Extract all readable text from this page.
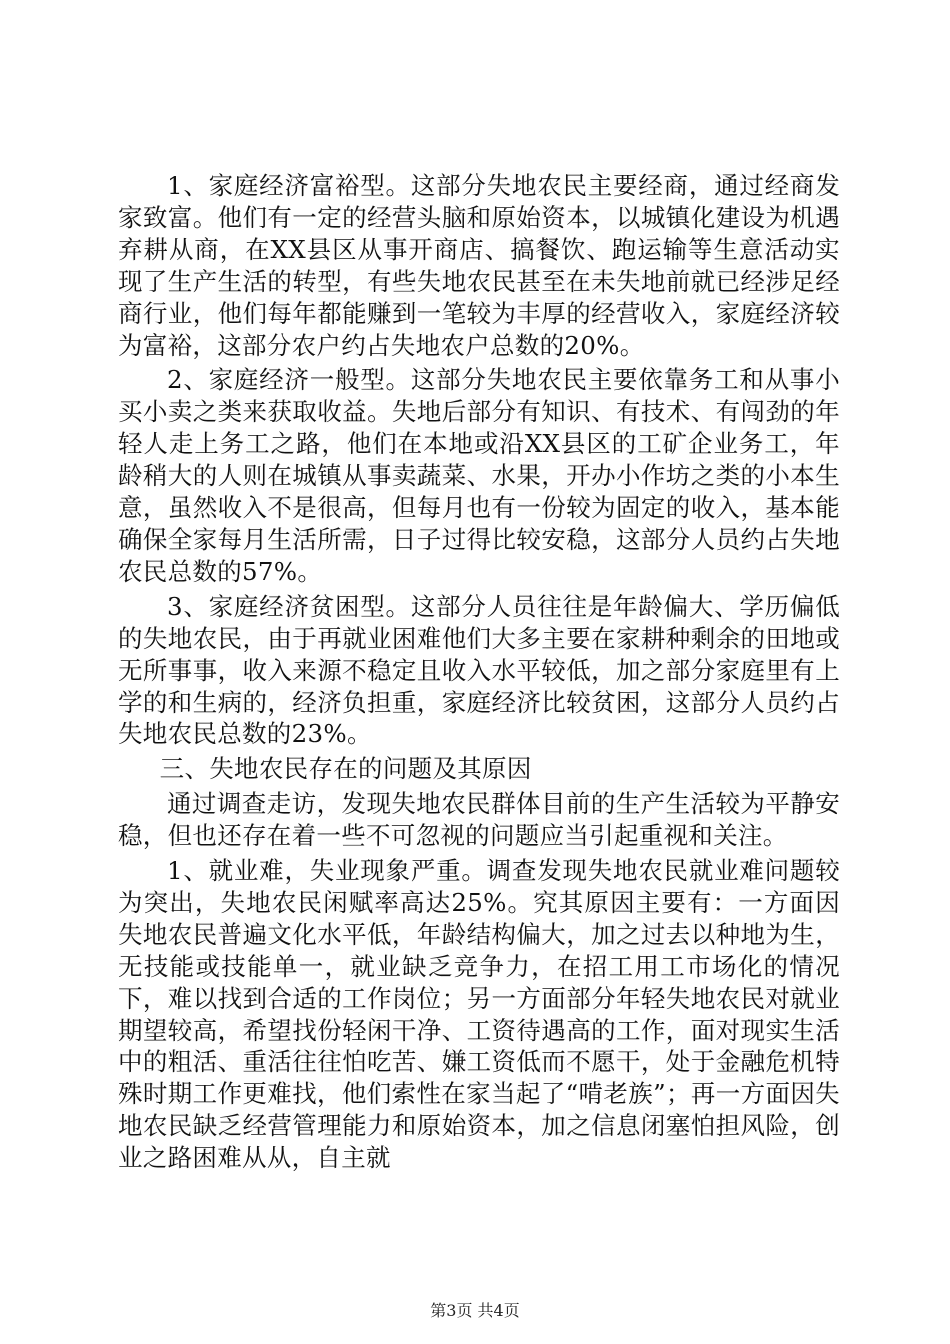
1、家庭经济富裕型。这部分失地农民主要经商，通过经商发家致富。他们有一定的经营头脑和原始资本，以城镇化建设为机遇弃耕从商，在XX县区从事开商店、搞餐饮、跑运输等生意活动实现了生产生活的转型，有些失地农民甚至在未失地前就已经涉足经商行业，他们每年都能赚到一笔较为丰厚的经营收入，家庭经济较为富裕，这部分农户约占失地农户总数的20%。

2、家庭经济一般型。这部分失地农民主要依靠务工和从事小买小卖之类来获取收益。失地后部分有知识、有技术、有闯劲的年轻人走上务工之路，他们在本地或沿XX县区的工矿企业务工，年龄稍大的人则在城镇从事卖蔬菜、水果，开办小作坊之类的小本生意，虽然收入不是很高，但每月也有一份较为固定的收入，基本能确保全家每月生活所需，日子过得比较安稳，这部分人员约占失地农民总数的57%。

3、家庭经济贫困型。这部分人员往往是年龄偏大、学历偏低的失地农民，由于再就业困难他们大多主要在家耕种剩余的田地或无所事事，收入来源不稳定且收入水平较低，加之部分家庭里有上学的和生病的，经济负担重，家庭经济比较贫困，这部分人员约占失地农民总数的23%。

三、失地农民存在的问题及其原因

通过调查走访，发现失地农民群体目前的生产生活较为平静安稳，但也还存在着一些不可忽视的问题应当引起重视和关注。

1、就业难，失业现象严重。调查发现失地农民就业难问题较为突出，失地农民闲赋率高达25%。究其原因主要有：一方面因失地农民普遍文化水平低，年龄结构偏大，加之过去以种地为生，无技能或技能单一，就业缺乏竞争力，在招工用工市场化的情况下，难以找到合适的工作岗位；另一方面部分年轻失地农民对就业期望较高，希望找份轻闲干净、工资待遇高的工作，面对现实生活中的粗活、重活往往怕吃苦、嫌工资低而不愿干，处于金融危机特殊时期工作更难找，他们索性在家当起了“啃老族”；再一方面因失地农民缺乏经营管理能力和原始资本，加之信息闭塞怕担风险，创业之路困难从从，自主就

第3页 共4页
